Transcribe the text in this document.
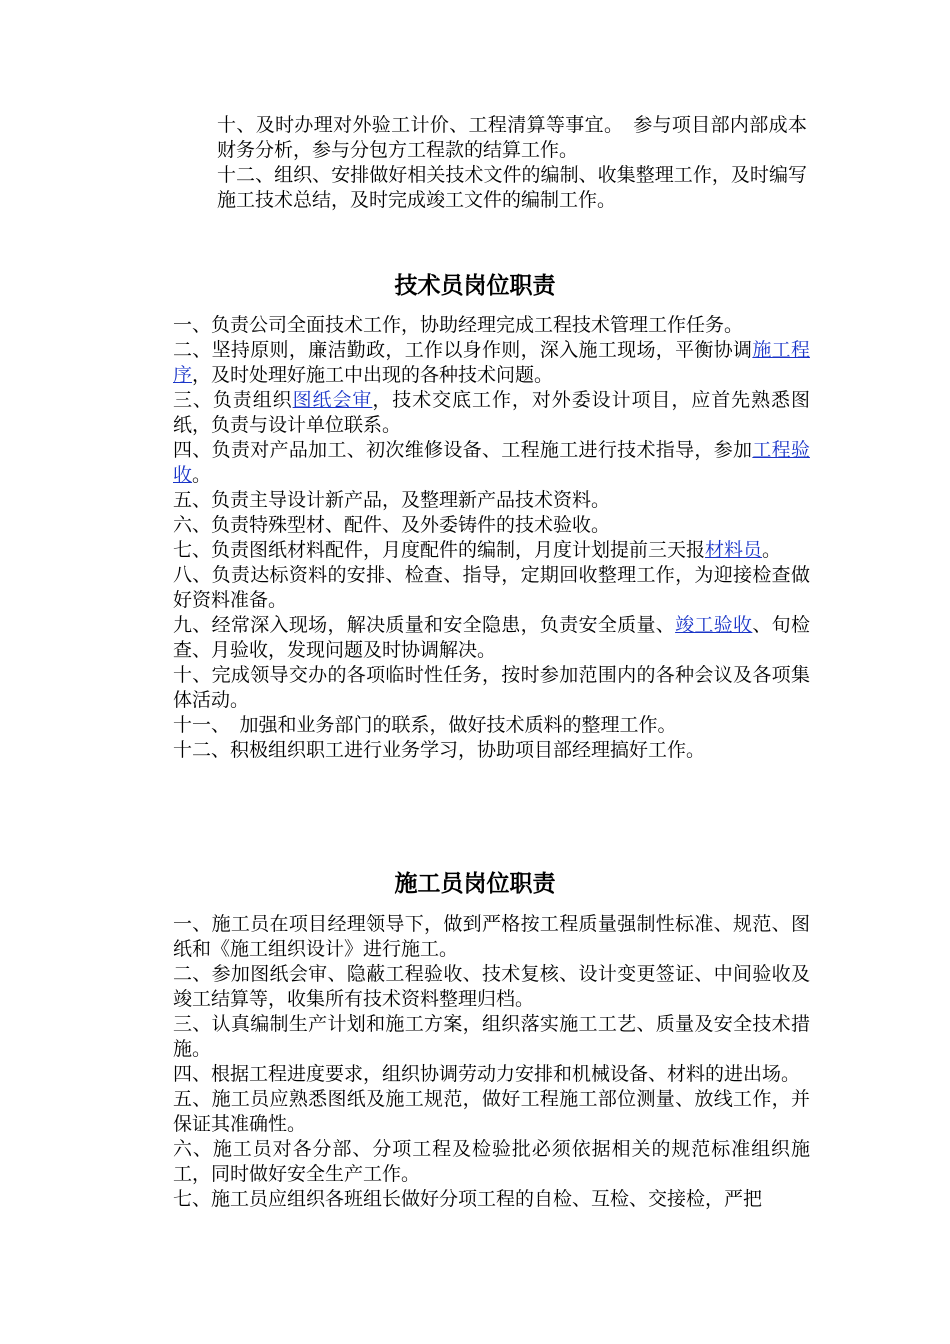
十、及时办理对外验工计价、工程清算等事宜。　参与项目部内部成本财务分析，参与分包方工程款的结算工作。

十二、组织、安排做好相关技术文件的编制、收集整理工作，及时编写施工技术总结，及时完成竣工文件的编制工作。

技术员岗位职责

一、负责公司全面技术工作，协助经理完成工程技术管理工作任务。

二、坚持原则，廉洁勤政，工作以身作则，深入施工现场，平衡协调施工程序，及时处理好施工中出现的各种技术问题。

三、负责组织图纸会审，技术交底工作，对外委设计项目，应首先熟悉图纸，负责与设计单位联系。

四、负责对产品加工、初次维修设备、工程施工进行技术指导，参加工程验收。

五、负责主导设计新产品，及整理新产品技术资料。

六、负责特殊型材、配件、及外委铸件的技术验收。

七、负责图纸材料配件，月度配件的编制，月度计划提前三天报材料员。

八、负责达标资料的安排、检查、指导，定期回收整理工作，为迎接检查做好资料准备。

九、经常深入现场，解决质量和安全隐患，负责安全质量、竣工验收、旬检查、月验收，发现问题及时协调解决。

十、完成领导交办的各项临时性任务，按时参加范围内的各种会议及各项集体活动。

十一、　加强和业务部门的联系，做好技术质料的整理工作。

十二、积极组织职工进行业务学习，协助项目部经理搞好工作。

施工员岗位职责

一、施工员在项目经理领导下，做到严格按工程质量强制性标准、规范、图纸和《施工组织设计》进行施工。

二、参加图纸会审、隐蔽工程验收、技术复核、设计变更签证、中间验收及竣工结算等，收集所有技术资料整理归档。

三、认真编制生产计划和施工方案，组织落实施工工艺、质量及安全技术措施。

四、根据工程进度要求，组织协调劳动力安排和机械设备、材料的进出场。

五、施工员应熟悉图纸及施工规范，做好工程施工部位测量、放线工作，并保证其准确性。

六、施工员对各分部、分项工程及检验批必须依据相关的规范标准组织施工，同时做好安全生产工作。

七、施工员应组织各班组长做好分项工程的自检、互检、交接检，严把
